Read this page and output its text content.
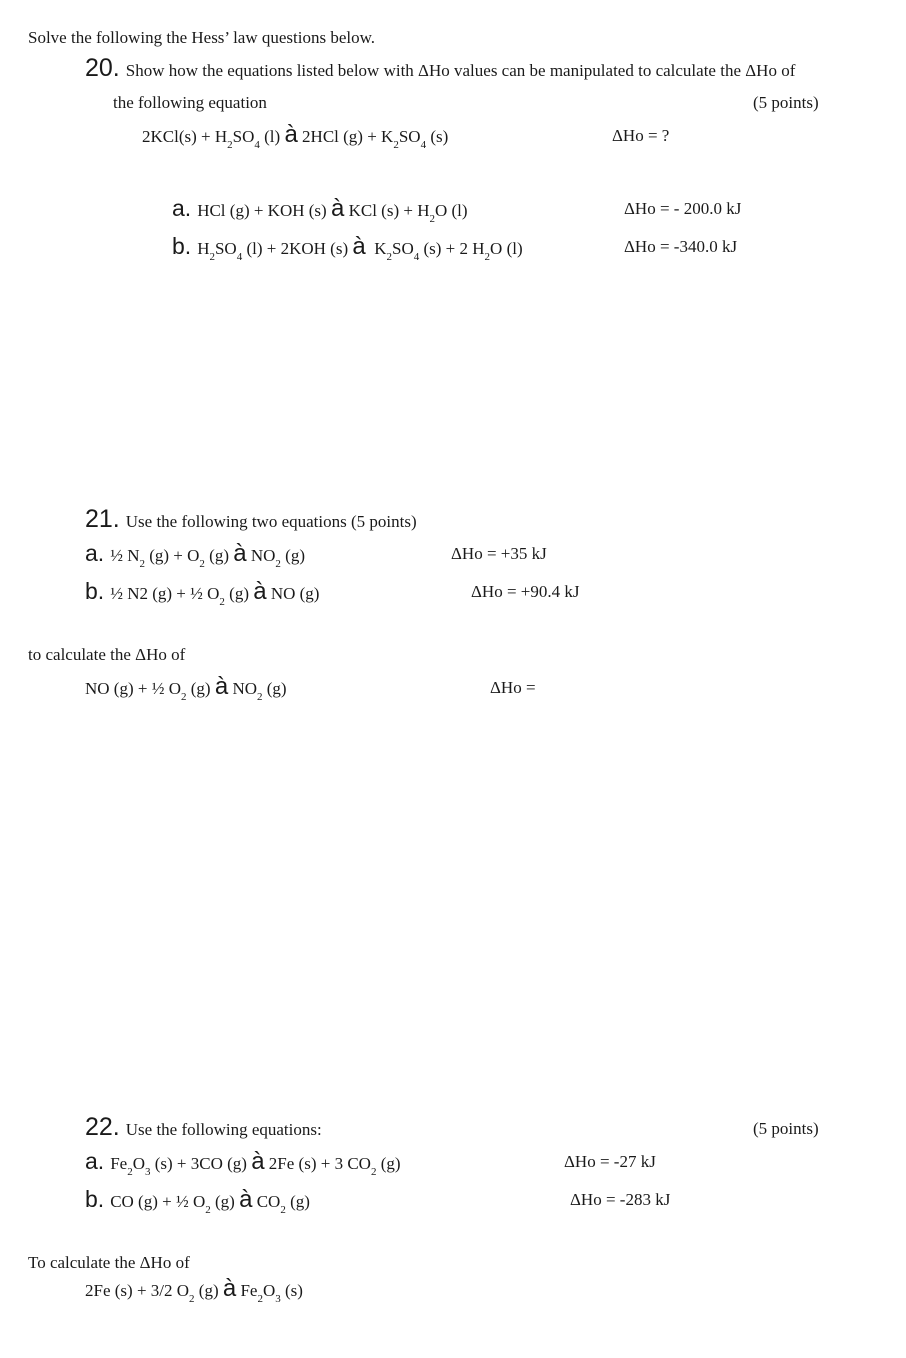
Solve the following the Hess’ law questions below.
20. Show how the equations listed below with ΔHo values can be manipulated to calculate the ΔHo of
the following equation	(5 points)
$2KCl(s) + H_2SO_4$ (l) à 2HCl $(g) + K_2SO_4$ (s)	ΔHo = ?
a. HCl (g) + KOH (s) à KCl $(s) + H_2O$ (l)	ΔHo = - 200.0 kJ
b. $H_2SO_4$ (l) + 2KOH (s) à  $K_2SO_4$ (s) + 2 $H_2O$ (l)	ΔHo = -340.0 kJ
21. Use the following two equations (5 points)
a. ½ $N_2$ $(g) + O_2$ (g) à $NO_2$ (g)	ΔHo = +35 kJ
b. ½ N2 (g) + ½ $O_2$ (g) à NO (g)	ΔHo = +90.4 kJ
to calculate the ΔHo of
NO (g) + ½ $O_2$ (g) à $NO_2$ (g)	ΔHo =
22. Use the following equations:	(5 points)
a. $Fe_2O_3$ (s) + 3CO (g) à 2Fe (s) + 3 $CO_2$ (g)	ΔHo = -27 kJ
b. CO (g) + ½ $O_2$ (g) à $CO_2$ (g)	ΔHo = -283 kJ
To calculate the ΔHo of
2Fe (s) + 3/2 $O_2$ (g) à $Fe_2O_3$ (s)
